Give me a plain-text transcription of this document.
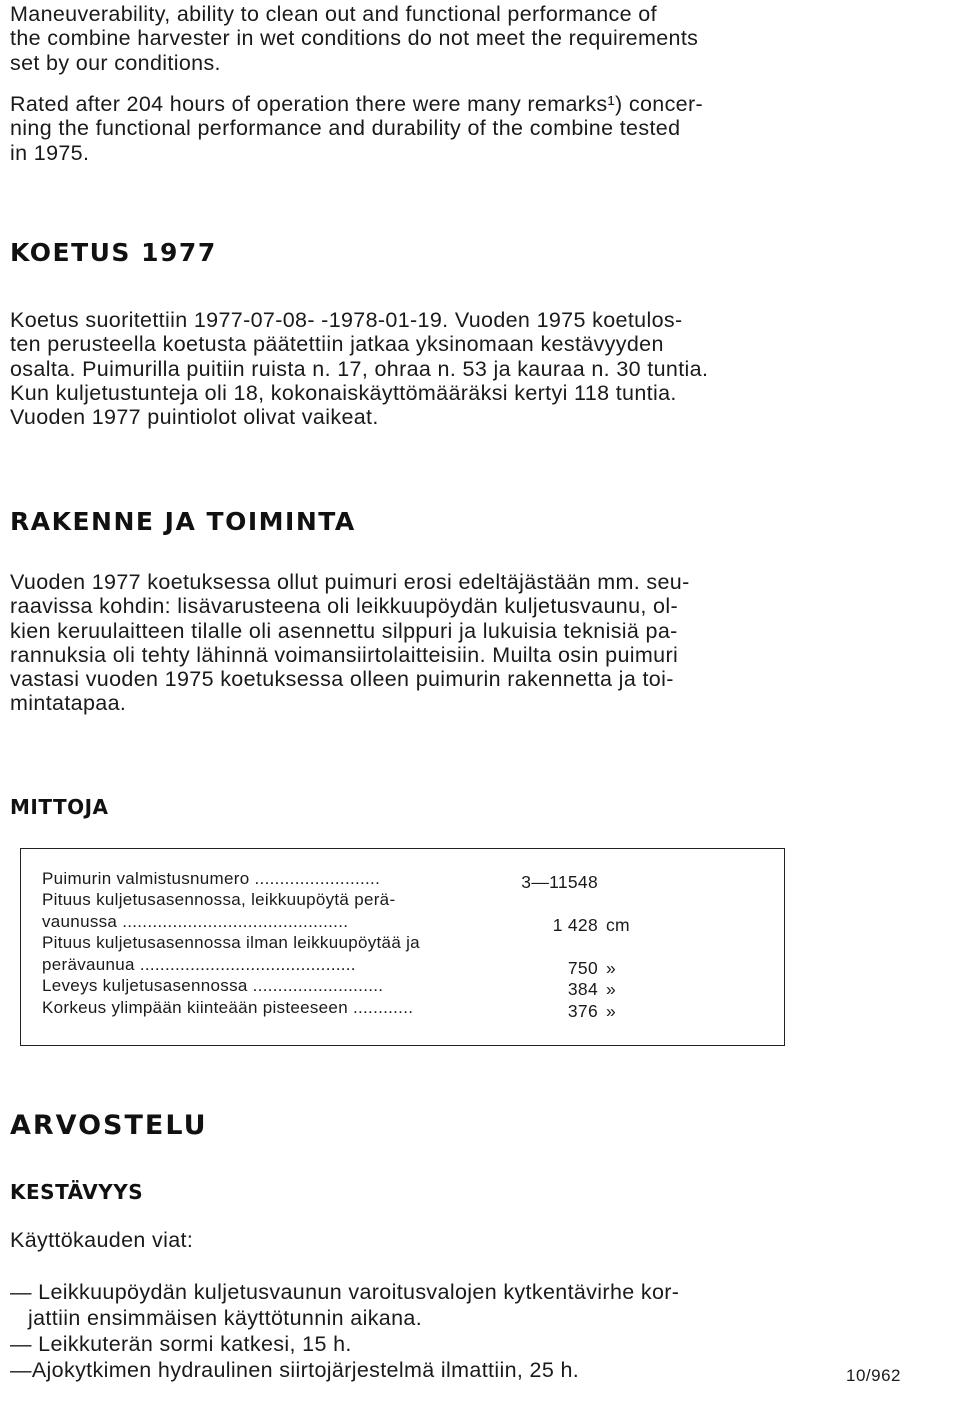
Maneuverability, ability to clean out and functional performance of
the combine harvester in wet conditions do not meet the requirements
set by our conditions.
Rated after 204 hours of operation there were many remarks¹) concer-
ning the functional performance and durability of the combine tested
in 1975.
KOETUS 1977
Koetus suoritettiin 1977-07-08- -1978-01-19. Vuoden 1975 koetulos-
ten perusteella koetusta päätettiin jatkaa yksinomaan kestävyyden
osalta. Puimurilla puitiin ruista n. 17, ohraa n. 53 ja kauraa n. 30 tuntia.
Kun kuljetustunteja oli 18, kokonaiskäyttömääräksi kertyi 118 tuntia.
Vuoden 1977 puintiolot olivat vaikeat.
RAKENNE JA TOIMINTA
Vuoden 1977 koetuksessa ollut puimuri erosi edeltäjästään mm. seu-
raavissa kohdin: lisävarusteena oli leikkuupöydän kuljetusvaunu, ol-
kien keruulaitteen tilalle oli asennettu silppuri ja lukuisia teknisiä pa-
rannuksia oli tehty lähinnä voimansiirtolaitteisiin. Muilta osin puimuri
vastasi vuoden 1975 koetuksessa olleen puimurin rakennetta ja toi-
mintatapaa.
MITTOJA
Puimurin valmistusnumero .........................	3—11548
Pituus kuljetusasennossa, leikkuupöytä perä-
vaunussa .............................................	1 428 cm
Pituus kuljetusasennossa ilman leikkuupöytää ja
perävaunua ...........................................	750 »
Leveys kuljetusasennossa ..........................	384 »
Korkeus ylimpään kiinteään pisteeseen ............	376 »
ARVOSTELU
KESTÄVYYS
Käyttökauden viat:
— Leikkuupöydän kuljetusvaunun varoitusvalojen kytkentävirhe kor-
jattiin ensimmäisen käyttötunnin aikana.
— Leikkuterän sormi katkesi, 15 h.
—Ajokytkimen hydraulinen siirtojärjestelmä ilmattiin, 25 h.	10/962
